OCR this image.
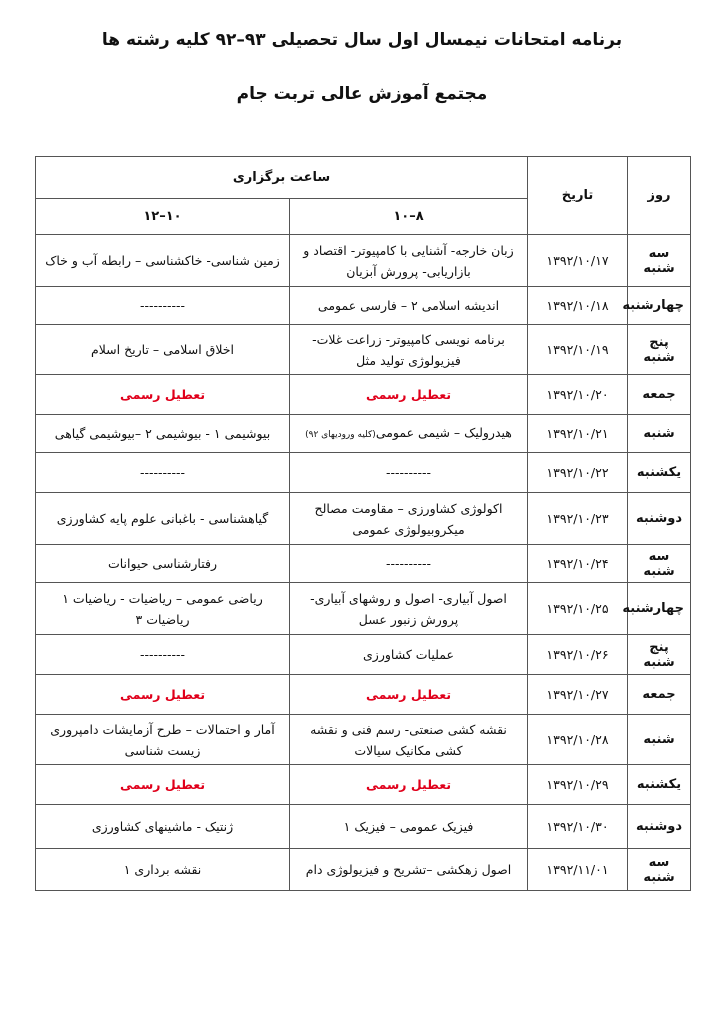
برنامه امتحانات نیمسال اول سال تحصیلی ۹۳–۹۲ کلیه رشته ها
مجتمع آموزش عالی تربت جام
روز	تاریخ	ساعت برگزاری	
		۸–۱۰	۱۰–۱۲
سه شنبه	۱۳۹۲/۱۰/۱۷	زبان خارجه- آشنایی با کامپیوتر- اقتصاد و بازاریابی- پرورش آبزیان	زمین شناسی- خاکشناسی – رابطه آب و خاک
چهارشنبه	۱۳۹۲/۱۰/۱۸	اندیشه اسلامی ۲ – فارسی عمومی	----------
پنج شنبه	۱۳۹۲/۱۰/۱۹	برنامه نویسی کامپیوتر- زراعت غلات- فیزیولوژی تولید مثل	اخلاق اسلامی – تاریخ اسلام
جمعه	۱۳۹۲/۱۰/۲۰	تعطیل رسمی	تعطیل رسمی
شنبه	۱۳۹۲/۱۰/۲۱	هیدرولیک – شیمی عمومی(کلیه ورودیهای ۹۲)	بیوشیمی ۱ - بیوشیمی ۲ –بیوشیمی گیاهی
یکشنبه	۱۳۹۲/۱۰/۲۲	----------	----------
دوشنبه	۱۳۹۲/۱۰/۲۳	اکولوژی کشاورزی – مقاومت مصالح میکروبیولوژی عمومی	گیاهشناسی - باغبانی علوم پایه کشاورزی
سه شنبه	۱۳۹۲/۱۰/۲۴	----------	رفتارشناسی حیوانات
چهارشنبه	۱۳۹۲/۱۰/۲۵	اصول آبیاری- اصول و روشهای آبیاری- پرورش زنبور عسل	ریاضی عمومی – ریاضیات - ریاضیات ۱ ریاضیات ۳
پنج شنبه	۱۳۹۲/۱۰/۲۶	عملیات کشاورزی	----------
جمعه	۱۳۹۲/۱۰/۲۷	تعطیل رسمی	تعطیل رسمی
شنبه	۱۳۹۲/۱۰/۲۸	نقشه کشی صنعتی- رسم فنی و نقشه کشی مکانیک سیالات	آمار و احتمالات – طرح آزمایشات دامپروری زیست شناسی
یکشنبه	۱۳۹۲/۱۰/۲۹	تعطیل رسمی	تعطیل رسمی
دوشنبه	۱۳۹۲/۱۰/۳۰	فیزیک عمومی – فیزیک ۱	ژنتیک - ماشینهای کشاورزی
سه شنبه	۱۳۹۲/۱۱/۰۱	اصول زهکشی –تشریح و فیزیولوژی دام	نقشه برداری ۱
